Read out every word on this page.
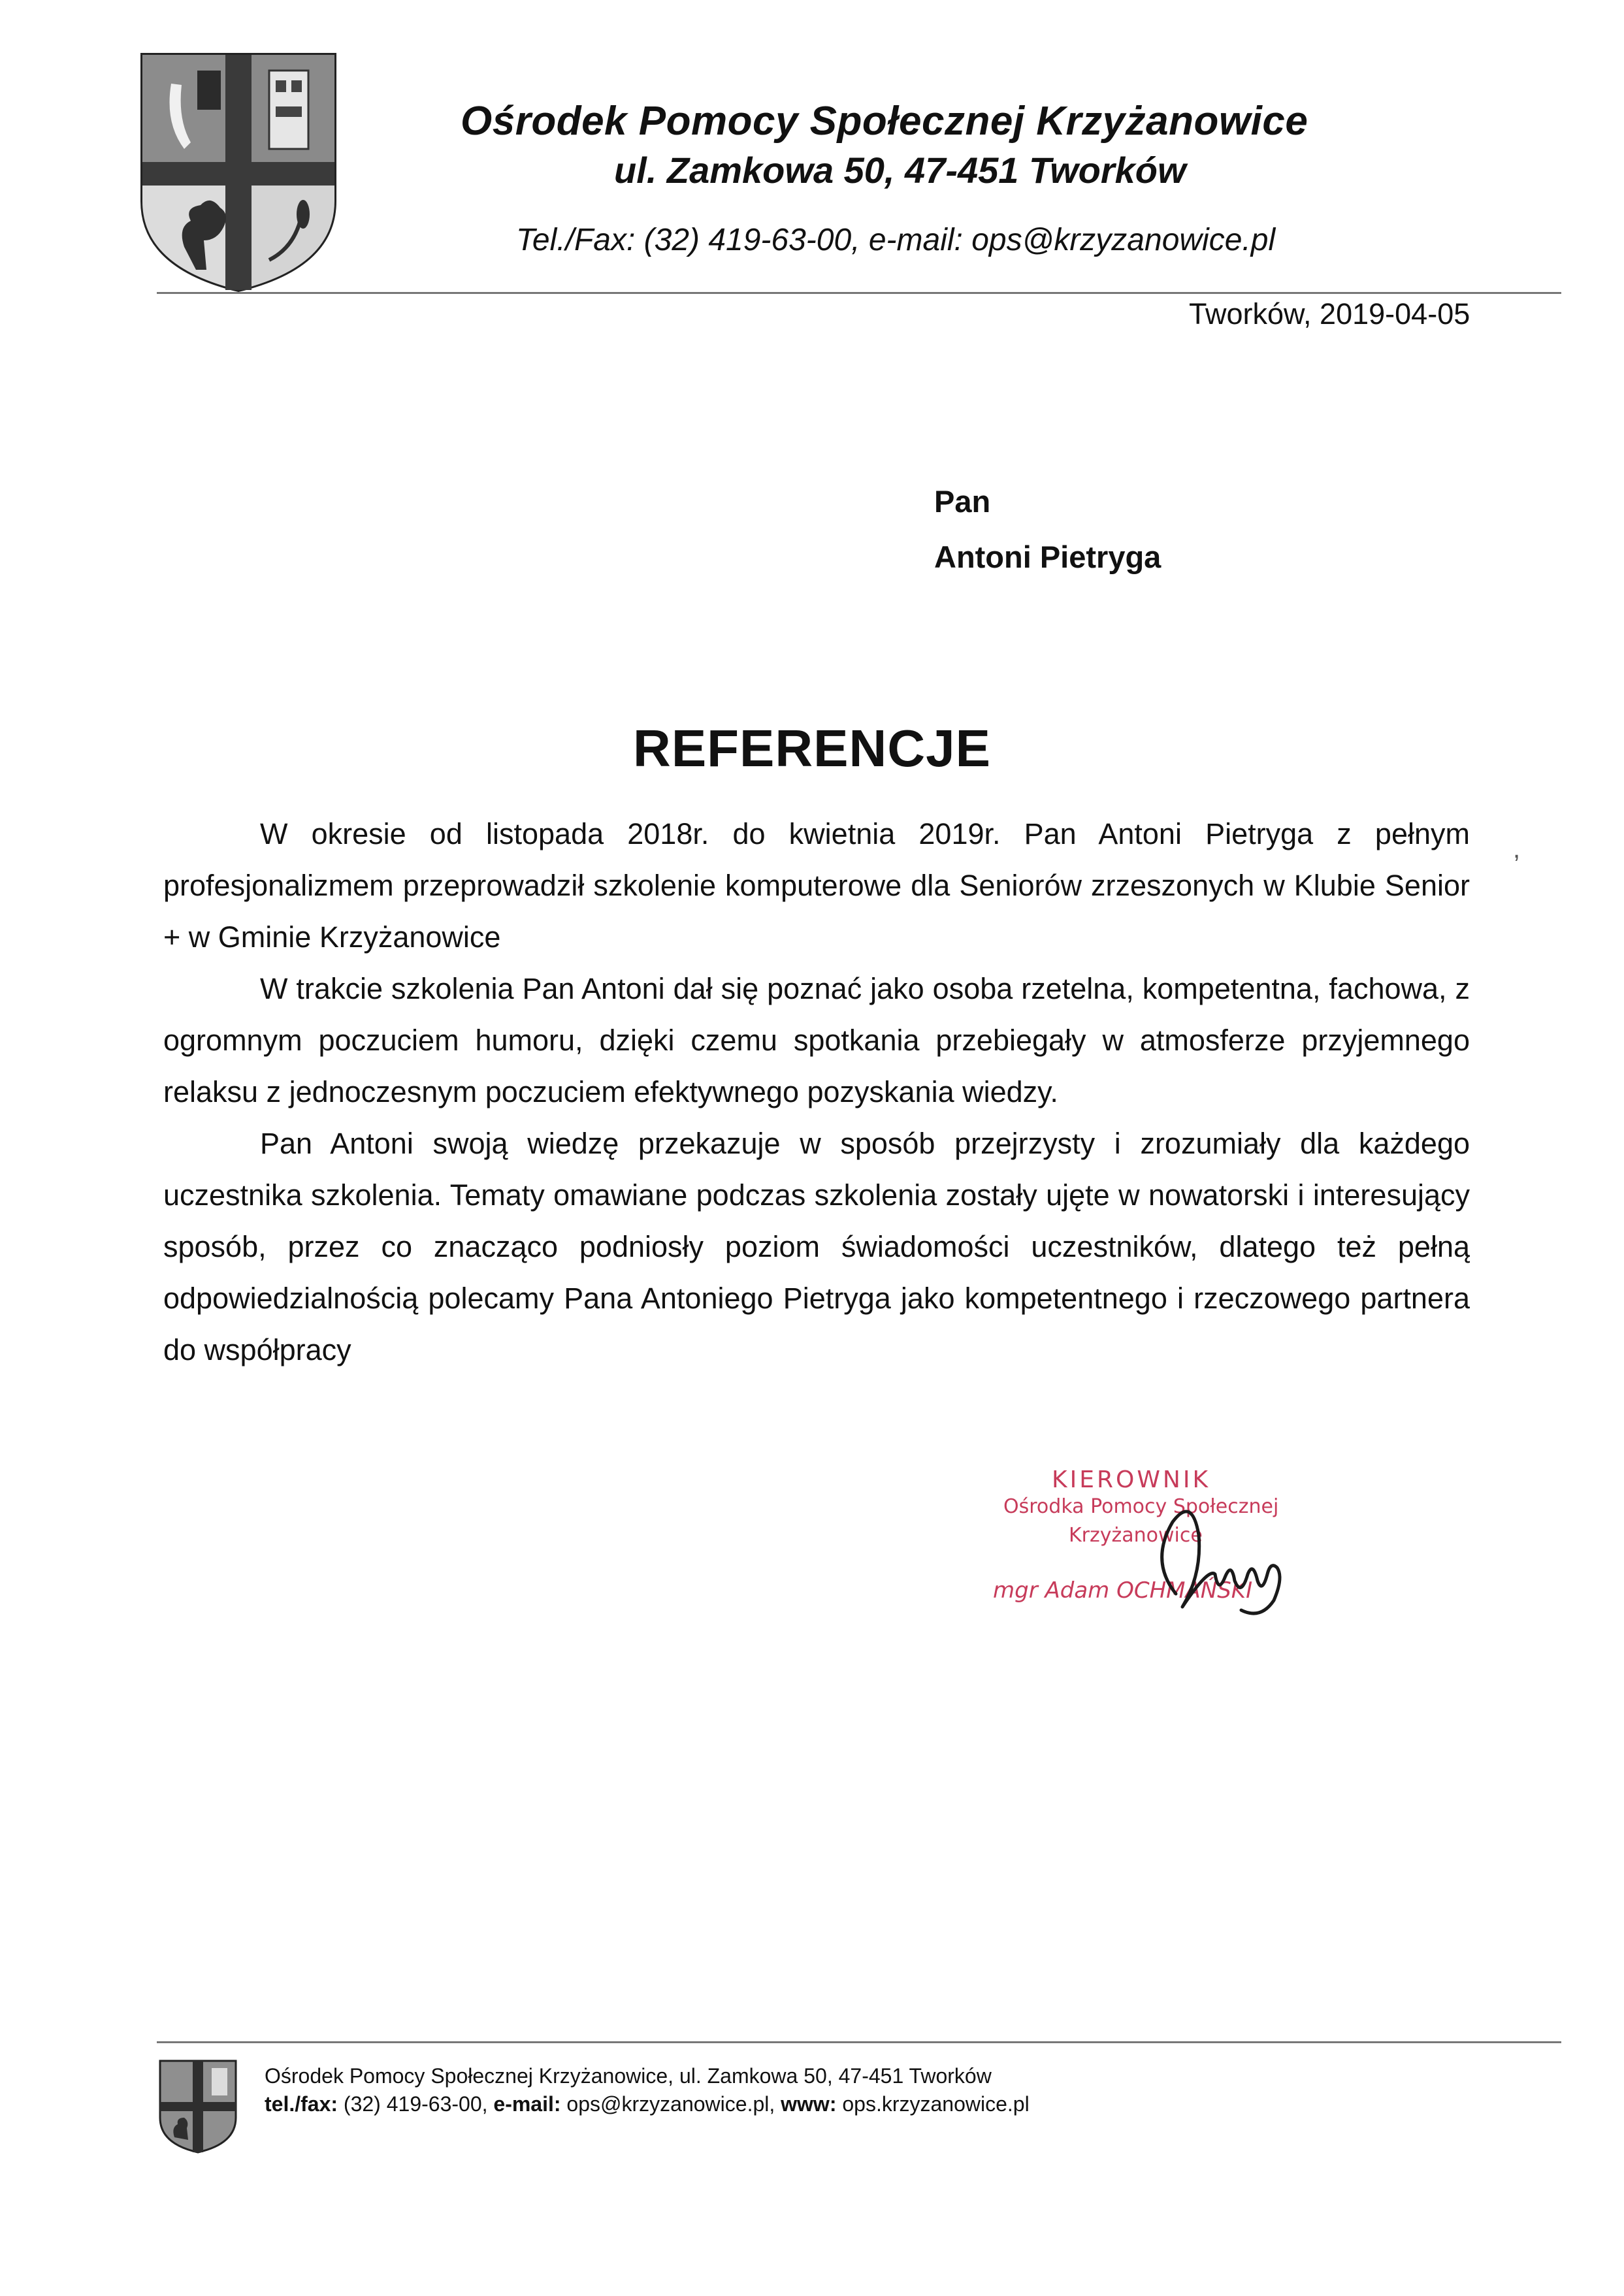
Ośrodek Pomocy Społecznej Krzyżanowice
ul. Zamkowa 50, 47-451 Tworków
Tel./Fax: (32) 419-63-00, e-mail: ops@krzyzanowice.pl
Tworków, 2019-04-05
Pan
Antoni Pietryga
REFERENCJE
,

W okresie od listopada 2018r. do kwietnia 2019r. Pan Antoni Pietryga z pełnym profesjonalizmem przeprowadził szkolenie komputerowe dla Seniorów zrzeszonych w Klubie Senior + w Gminie Krzyżanowice

W trakcie szkolenia Pan Antoni dał się poznać jako osoba rzetelna, kompetentna, fachowa, z ogromnym poczuciem humoru, dzięki czemu spotkania przebiegały w atmosferze przyjemnego relaksu z jednoczesnym poczuciem efektywnego pozyskania wiedzy.

Pan Antoni swoją wiedzę przekazuje w sposób przejrzysty i zrozumiały dla każdego uczestnika szkolenia. Tematy omawiane podczas szkolenia zostały ujęte w nowatorski i interesujący sposób, przez co znacząco podniosły poziom świadomości uczestników, dlatego też pełną odpowiedzialnością polecamy Pana Antoniego Pietryga jako kompetentnego i rzeczowego partnera do współpracy

KIEROWNIK
Ośrodka Pomocy Społecznej
Krzyżanowice
mgr Adam OCHMAŃSKI
Ośrodek Pomocy Społecznej Krzyżanowice, ul. Zamkowa 50, 47-451 Tworków
tel./fax: (32) 419-63-00, e-mail: ops@krzyzanowice.pl, www: ops.krzyzanowice.pl
